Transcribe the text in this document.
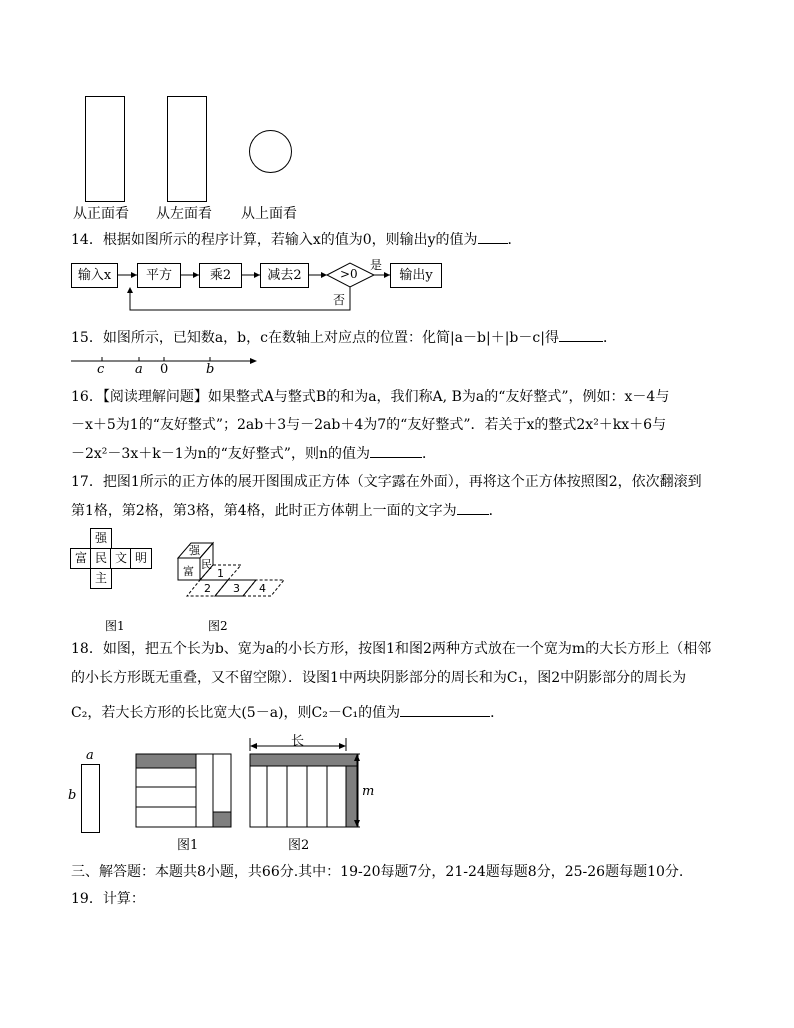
从正面看 从左面看 从上面看
14．根据如图所示的程序计算，若输入x的值为0，则输出y的值为 ．
输入x	平方	乘2	减去2	>0	输出y
是
否
15．如图所示，已知数a，b，c在数轴上对应点的位置：化简|a－b|＋|b－c|得	．
c a 0	b
16．【阅读理解问题】如果整式A与整式B的和为a，我们称A, B为a的“友好整式”，例如：x－4与
－x＋5为1的“友好整式”；2ab＋3与－2ab＋4为7的“友好整式”．若关于x的整式2x²＋kx＋6与
－2x²－3x＋k－1为n的“友好整式”，则n的值为	．
17．把图1所示的正方体的展开图围成正方体（文字露在外面），再将这个正方体按照图2，依次翻滚到
第1格，第2格，第3格，第4格，此时正方体朝上一面的文字为 ．
强
富 民 文 明
主
图1
强
富
民
1
2 3 4
图2
18．如图，把五个长为b、宽为a的小长方形，按图1和图2两种方式放在一个宽为m的大长方形上（相邻
的小长方形既无重叠，又不留空隙）．设图1中两块阴影部分的周长和为C₁，图2中阴影部分的周长为
C₂，若大长方形的长比宽大(5－a)，则C₂－C₁的值为	．
a
b
图1
长
m
图2
三、解答题：本题共8小题，共66分.其中：19-20每题7分，21-24题每题8分，25-26题每题10分.
19．计算：
